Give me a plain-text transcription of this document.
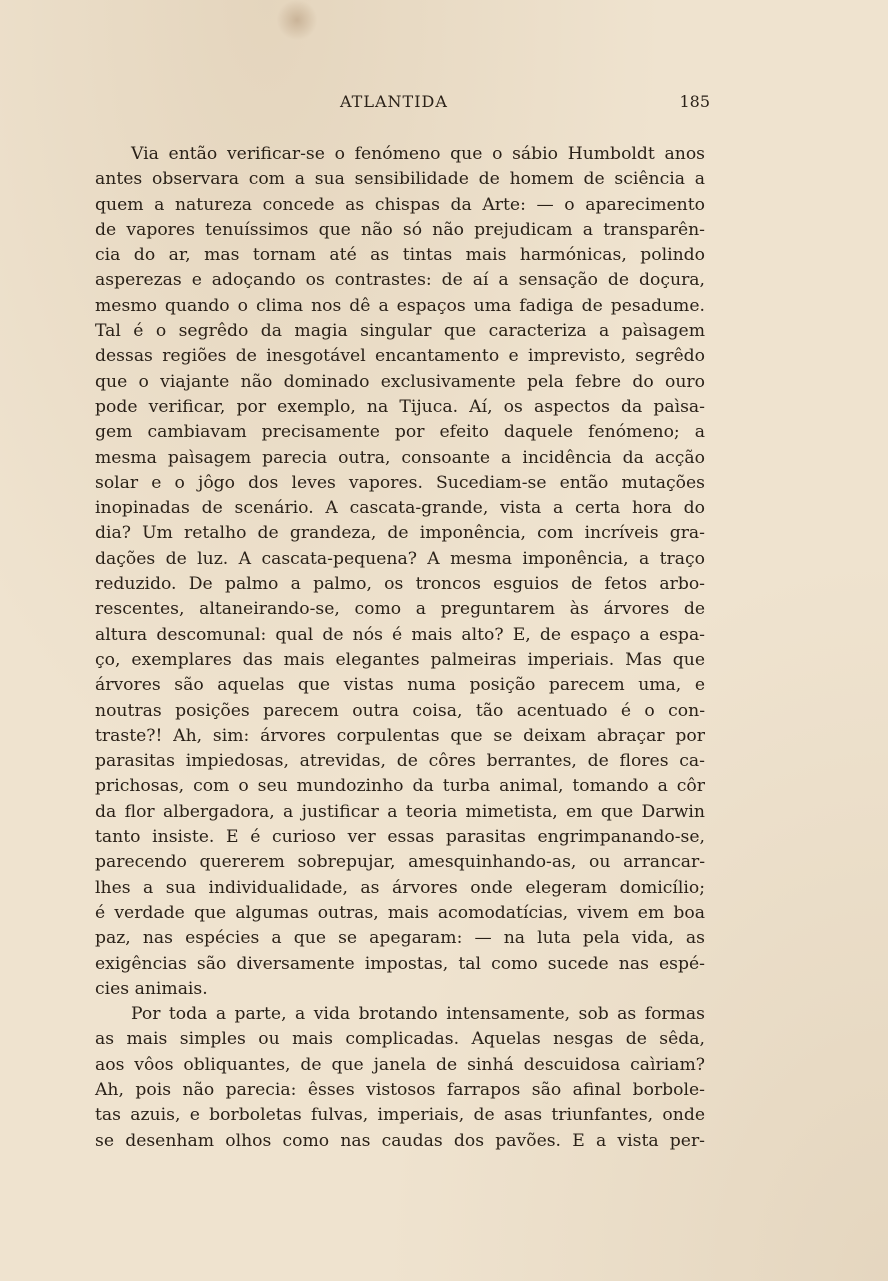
ATLANTIDA	185
Via então verificar-se o fenómeno que o sábio Humboldt anos
antes observara com a sua sensibilidade de homem de sciência a
quem a natureza concede as chispas da Arte: — o aparecimento
de vapores tenuíssimos que não só não prejudicam a transparên-
cia do ar, mas tornam até as tintas mais harmónicas, polindo
asperezas e adoçando os contrastes: de aí a sensação de doçura,
mesmo quando o clima nos dê a espaços uma fadiga de pesadume.
Tal é o segrêdo da magia singular que caracteriza a paìsagem
dessas regiões de inesgotável encantamento e imprevisto, segrêdo
que o viajante não dominado exclusivamente pela febre do ouro
pode verificar, por exemplo, na Tijuca. Aí, os aspectos da paìsa-
gem cambiavam precisamente por efeito daquele fenómeno; a
mesma paìsagem parecia outra, consoante a incidência da acção
solar e o jôgo dos leves vapores. Sucediam-se então mutações
inopinadas de scenário. A cascata-grande, vista a certa hora do
dia? Um retalho de grandeza, de imponência, com incríveis gra-
dações de luz. A cascata-pequena? A mesma imponência, a traço
reduzido. De palmo a palmo, os troncos esguios de fetos arbo-
rescentes, altaneirando-se, como a preguntarem às árvores de
altura descomunal: qual de nós é mais alto? E, de espaço a espa-
ço, exemplares das mais elegantes palmeiras imperiais. Mas que
árvores são aquelas que vistas numa posição parecem uma, e
noutras posições parecem outra coisa, tão acentuado é o con-
traste?! Ah, sim: árvores corpulentas que se deixam abraçar por
parasitas impiedosas, atrevidas, de côres berrantes, de flores ca-
prichosas, com o seu mundozinho da turba animal, tomando a côr
da flor albergadora, a justificar a teoria mimetista, em que Darwin
tanto insiste. E é curioso ver essas parasitas engrimpanando-se,
parecendo quererem sobrepujar, amesquinhando-as, ou arrancar-
lhes a sua individualidade, as árvores onde elegeram domicílio;
é verdade que algumas outras, mais acomodatícias, vivem em boa
paz, nas espécies a que se apegaram: — na luta pela vida, as
exigências são diversamente impostas, tal como sucede nas espé-
cies animais.
Por toda a parte, a vida brotando intensamente, sob as formas
as mais simples ou mais complicadas. Aquelas nesgas de sêda,
aos vôos obliquantes, de que janela de sinhá descuidosa caìriam?
Ah, pois não parecia: êsses vistosos farrapos são afinal borbole-
tas azuis, e borboletas fulvas, imperiais, de asas triunfantes, onde
se desenham olhos como nas caudas dos pavões. E a vista per-
